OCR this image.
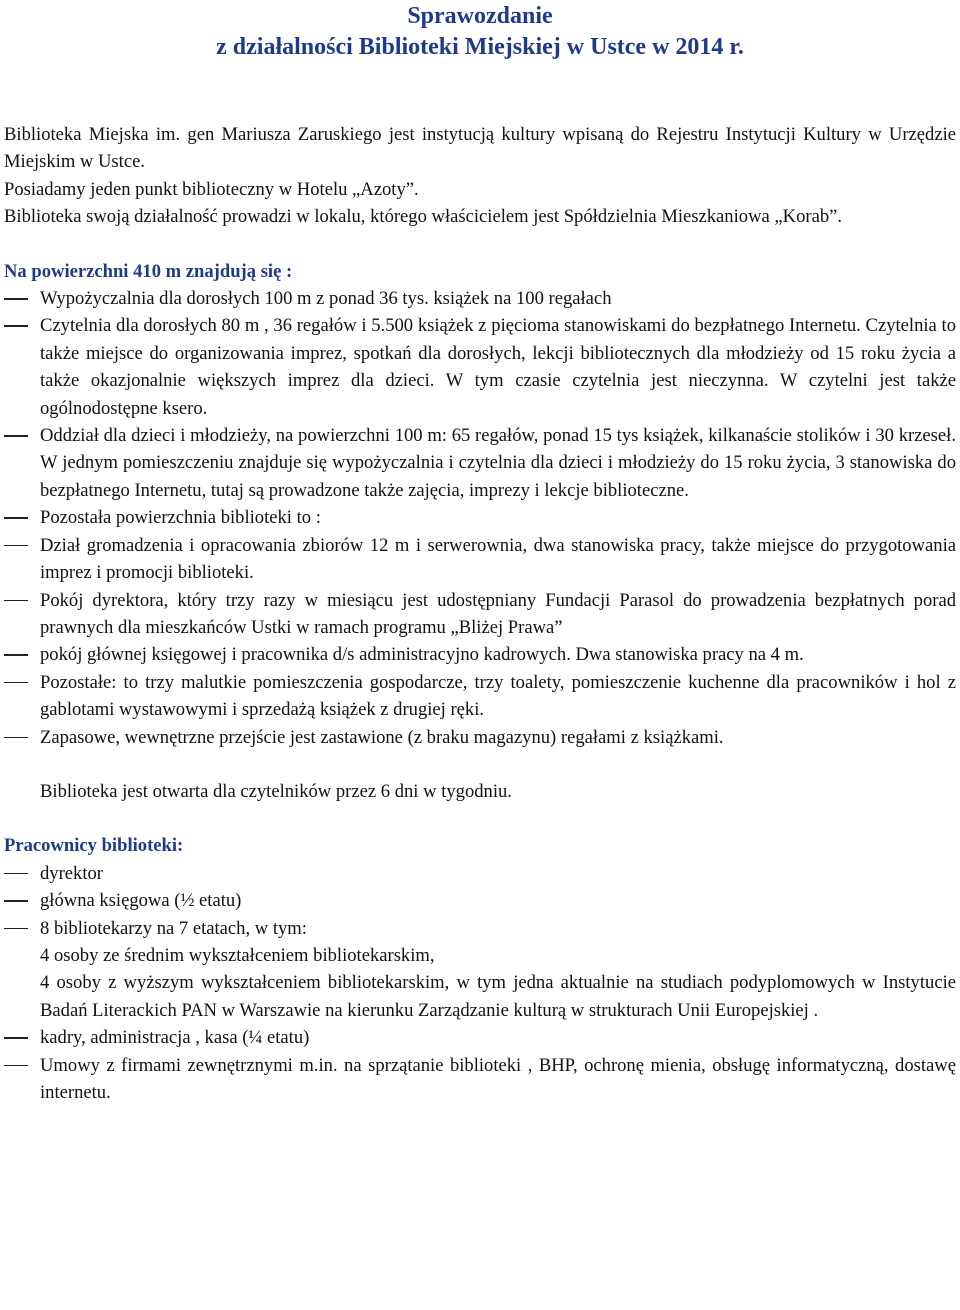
Sprawozdanie
z działalności Biblioteki Miejskiej w Ustce w 2014 r.

Biblioteka Miejska im. gen Mariusza Zaruskiego jest instytucją kultury wpisaną do Rejestru Instytucji Kultury w Urzędzie Miejskim w Ustce.

Posiadamy jeden punkt biblioteczny w Hotelu „Azoty”.

Biblioteka swoją działalność prowadzi w lokalu, którego właścicielem jest Spółdzielnia Mieszkaniowa „Korab”.

Na powierzchni 410 m znajdują się :

Wypożyczalnia dla dorosłych 100 m z ponad 36 tys. książek na 100 regałach
Czytelnia dla dorosłych 80 m , 36 regałów i 5.500 książek z pięcioma stanowiskami do bezpłatnego Internetu. Czytelnia to także miejsce do organizowania imprez, spotkań dla dorosłych, lekcji bibliotecznych dla młodzieży od 15 roku życia a także okazjonalnie większych imprez dla dzieci. W tym czasie czytelnia jest nieczynna. W czytelni jest także ogólnodostępne ksero.
Oddział dla dzieci i młodzieży, na powierzchni 100 m: 65 regałów, ponad 15 tys książek, kilkanaście stolików i 30 krzeseł. W jednym pomieszczeniu znajduje się wypożyczalnia i czytelnia dla dzieci i młodzieży do 15 roku życia, 3 stanowiska do bezpłatnego Internetu, tutaj są prowadzone także zajęcia, imprezy i lekcje biblioteczne.
Pozostała powierzchnia biblioteki to :
Dział gromadzenia i opracowania zbiorów 12 m i serwerownia, dwa stanowiska pracy, także miejsce do przygotowania imprez i promocji biblioteki.
Pokój dyrektora, który trzy razy w miesiącu jest udostępniany Fundacji Parasol do prowadzenia bezpłatnych porad prawnych dla mieszkańców Ustki w ramach programu „Bliżej Prawa”
pokój głównej księgowej i pracownika d/s administracyjno kadrowych. Dwa stanowiska pracy na 4 m.
Pozostałe: to trzy malutkie pomieszczenia gospodarcze, trzy toalety, pomieszczenie kuchenne dla pracowników i hol z gablotami wystawowymi i sprzedażą książek z drugiej ręki.
Zapasowe, wewnętrzne przejście jest zastawione (z braku magazynu) regałami z książkami.

Biblioteka jest otwarta dla czytelników przez 6 dni w tygodniu.

Pracownicy biblioteki:

dyrektor
główna księgowa (½ etatu)
8 bibliotekarzy na 7 etatach, w tym:

4 osoby ze średnim wykształceniem bibliotekarskim,

4 osoby z wyższym wykształceniem bibliotekarskim, w tym jedna aktualnie na studiach podyplomowych w Instytucie Badań Literackich PAN w Warszawie na kierunku Zarządzanie kulturą w strukturach Unii Europejskiej .

kadry, administracja , kasa (¼ etatu)
Umowy z firmami zewnętrznymi m.in. na sprzątanie biblioteki , BHP, ochronę mienia, obsługę informatyczną, dostawę internetu.
